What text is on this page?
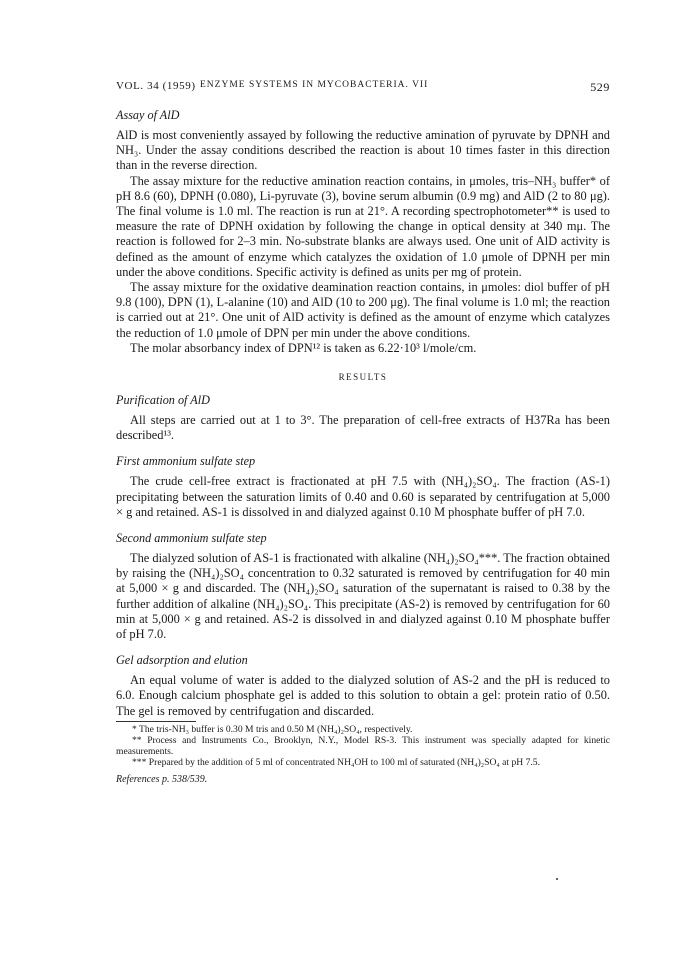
VOL. 34 (1959) ENZYME SYSTEMS IN MYCOBACTERIA. VII	529
Assay of AlD

AlD is most conveniently assayed by following the reductive amination of pyruvate by DPNH and NH₃. Under the assay conditions described the reaction is about 10 times faster in this direction than in the reverse direction.

The assay mixture for the reductive amination reaction contains, in μmoles, tris–NH₃ buffer* of pH 8.6 (60), DPNH (0.080), Li-pyruvate (3), bovine serum albumin (0.9 mg) and AlD (2 to 80 μg). The final volume is 1.0 ml. The reaction is run at 21°. A recording spectrophotometer** is used to measure the rate of DPNH oxidation by following the change in optical density at 340 mμ. The reaction is followed for 2–3 min. No-substrate blanks are always used. One unit of AlD activity is defined as the amount of enzyme which catalyzes the oxidation of 1.0 μmole of DPNH per min under the above conditions. Specific activity is defined as units per mg of protein.

The assay mixture for the oxidative deamination reaction contains, in μmoles: diol buffer of pH 9.8 (100), DPN (1), L-alanine (10) and AlD (10 to 200 μg). The final volume is 1.0 ml; the reaction is carried out at 21°. One unit of AlD activity is defined as the amount of enzyme which catalyzes the reduction of 1.0 μmole of DPN per min under the above conditions.

The molar absorbancy index of DPN¹² is taken as 6.22·10³ l/mole/cm.

RESULTS
Purification of AlD

All steps are carried out at 1 to 3°. The preparation of cell-free extracts of H37Ra has been described¹³.

First ammonium sulfate step

The crude cell-free extract is fractionated at pH 7.5 with (NH₄)₂SO₄. The fraction (AS-1) precipitating between the saturation limits of 0.40 and 0.60 is separated by centrifugation at 5,000 × g and retained. AS-1 is dissolved in and dialyzed against 0.10 M phosphate buffer of pH 7.0.

Second ammonium sulfate step

The dialyzed solution of AS-1 is fractionated with alkaline (NH₄)₂SO₄***. The fraction obtained by raising the (NH₄)₂SO₄ concentration to 0.32 saturated is removed by centrifugation for 40 min at 5,000 × g and discarded. The (NH₄)₂SO₄ saturation of the supernatant is raised to 0.38 by the further addition of alkaline (NH₄)₂SO₄. This precipitate (AS-2) is removed by centrifugation for 60 min at 5,000 × g and retained. AS-2 is dissolved in and dialyzed against 0.10 M phosphate buffer of pH 7.0.

Gel adsorption and elution

An equal volume of water is added to the dialyzed solution of AS-2 and the pH is reduced to 6.0. Enough calcium phosphate gel is added to this solution to obtain a gel: protein ratio of 0.50. The gel is removed by centrifugation and discarded.

* The tris-NH₃ buffer is 0.30 M tris and 0.50 M (NH₄)₂SO₄, respectively.

** Process and Instruments Co., Brooklyn, N.Y., Model RS-3. This instrument was specially adapted for kinetic measurements.

*** Prepared by the addition of 5 ml of concentrated NH₄OH to 100 ml of saturated (NH₄)₂SO₄ at pH 7.5.

References p. 538/539.
